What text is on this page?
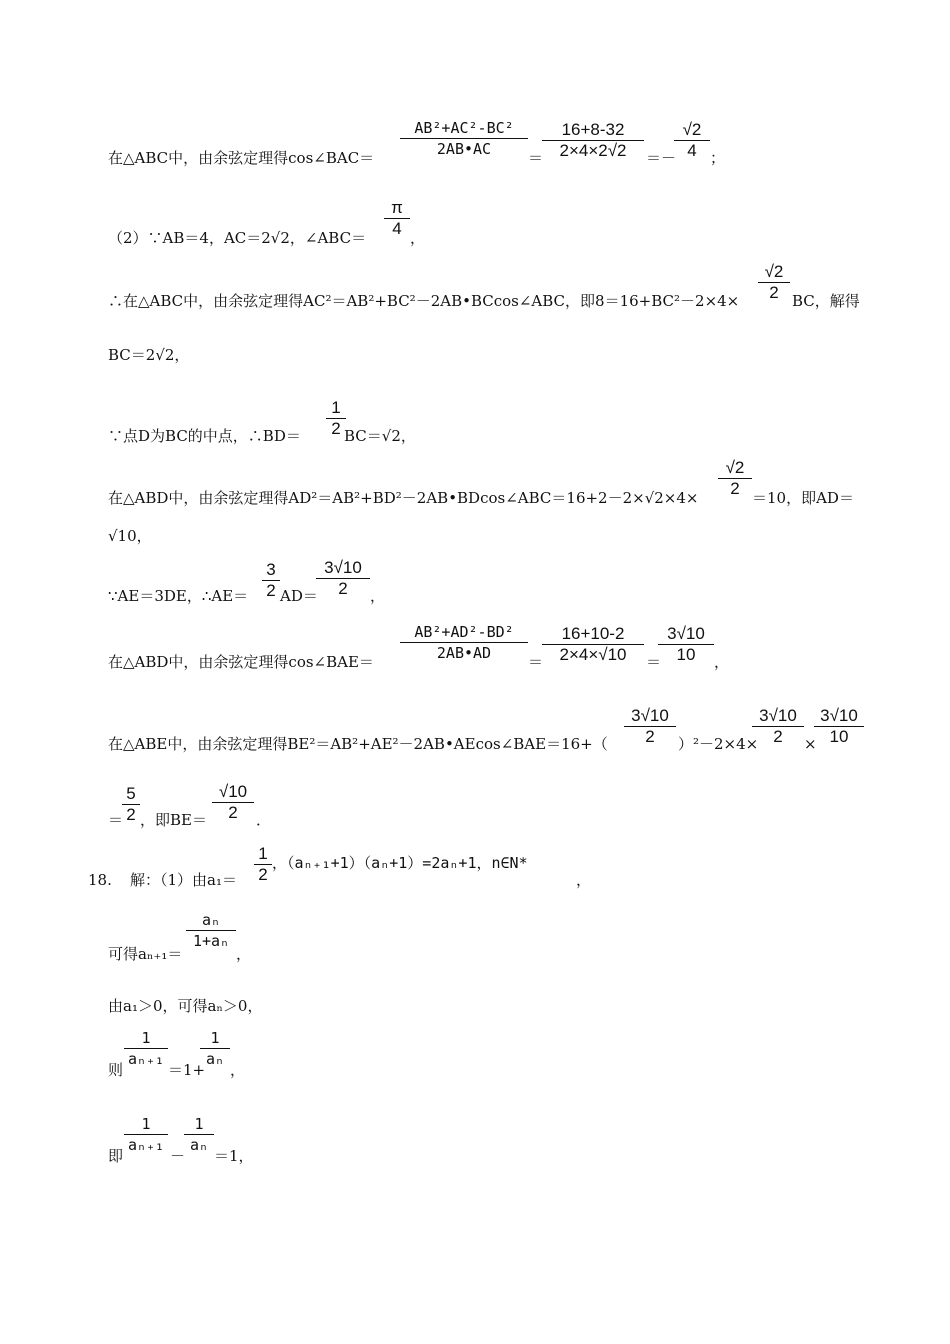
在△ABC中，由余弦定理得cos∠BAC＝ $\frac{\text{AB²+AC²-BC²}}{2AB•AC}$ ＝
$\frac{16+8-32}{2\times 4\times 2√2}$ ＝－
$\frac{√2}{4}$ ；
（2）∵AB＝4，AC＝2√2，∠ABC＝ $\frac{\pi}{4}$ ，
∴在△ABC中，由余弦定理得AC²＝AB²+BC²－2AB•BCcos∠ABC，即$8=16+BC^2-2\times 4\times \frac{√2}{2}$ BC，解得
BC＝2√2，
∵点D为BC的中点，∴BD＝ $\frac{1}{2}$
BC＝√2，
在△ABD中，由余弦定理得AD²＝AB²+BD²－2AB•BDcos∠ABC＝16+2－2×√2×4× $\frac{√2}{2} =10$，即AD＝
√10，
∵AE＝3DE，∴AE＝ $\frac{3}{2} AD=$
$\frac{3√10}{2}$ ，
在△ABD中，由余弦定理得cos∠BAE＝ $\frac{\text{AB²+AD²-BD²}}{2AB•AD}$ ＝
$\frac{16+10-2}{2\times 4\times√10}$ ＝
$\frac{3√10}{10}$ ，
在△ABE中，由余弦定理得BE²＝AB²+AE²－2AB•AEcos∠BAE＝16+（ $\frac{3√10}{2} )^2-2\times 4\times$
$\frac{3√10}{2}$ ×
$\frac{3√10}{10}$
＝
$\frac{5}{2}$ ，即$BE= \frac{√10}{2}$ ．
18. 解：（1）由$a_1= \frac{1}{2}$ ，（aₙ₊₁+1）（aₙ+1）=2aₙ+1，n∈N*
，
可得aₙ₊₁＝
$\frac{\text{aₙ}}{\text{1+aₙ}}$
，
由a₁＞0，可得aₙ＞0，
则
$\frac{1}{\text{aₙ₊₁}}$
＝1+
$\frac{1}{\text{aₙ}}$
，
即
$\frac{1}{\text{aₙ₊₁}}$
－
$\frac{1}{\text{aₙ}}$
＝1，
